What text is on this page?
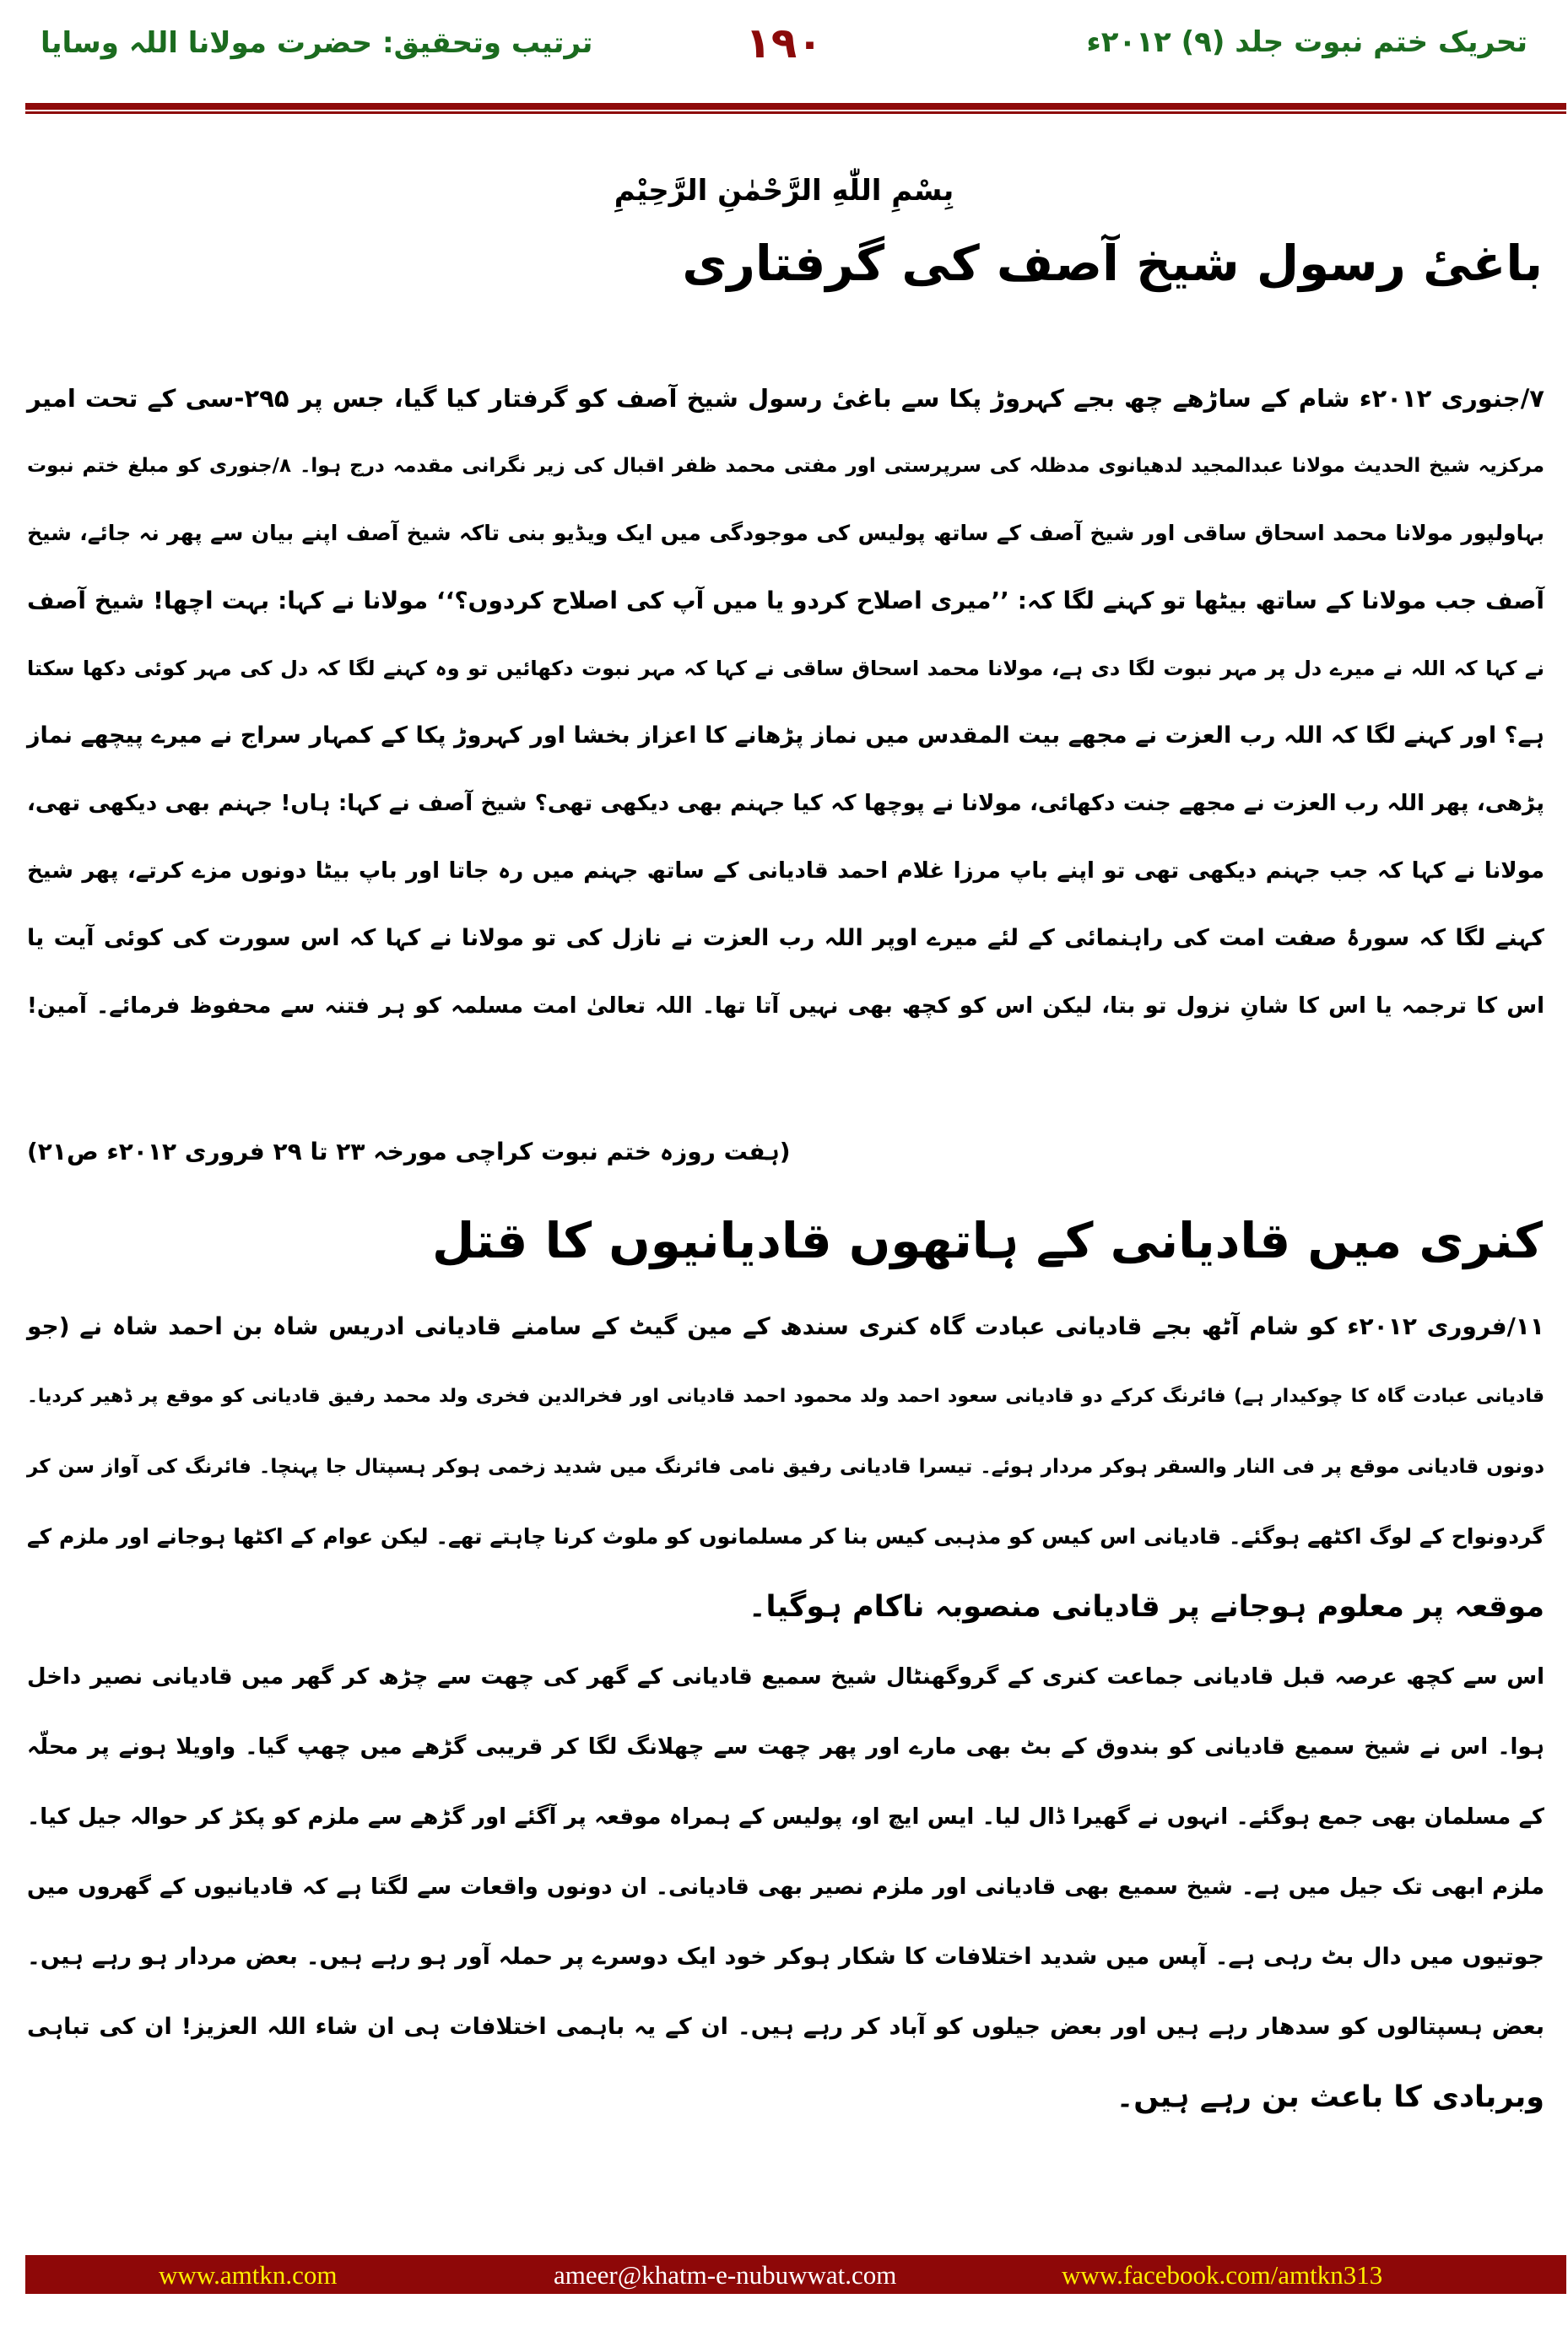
تحریک ختم نبوت جلد (۹) ۲۰۱۲ء
۱۹۰
ترتیب وتحقیق: حضرت مولانا اللہ وسایا
بِسْمِ اللّٰهِ الرَّحْمٰنِ الرَّحِيْمِ
باغیٔ رسول شیخ آصف کی گرفتاری
۷/جنوری ۲۰۱۲ء شام کے ساڑھے چھ بجے کہروڑ پکا سے باغیٔ رسول شیخ آصف کو گرفتار کیا گیا، جس پر ۲۹۵-سی کے تحت امیر
مرکزیہ شیخ الحدیث مولانا عبدالمجید لدھیانوی مدظلہ کی سرپرستی اور مفتی محمد ظفر اقبال کی زیر نگرانی مقدمہ درج ہوا۔ ۸/جنوری کو مبلغ ختم نبوت
بہاولپور مولانا محمد اسحاق ساقی اور شیخ آصف کے ساتھ پولیس کی موجودگی میں ایک ویڈیو بنی تاکہ شیخ آصف اپنے بیان سے پھر نہ جائے، شیخ
آصف جب مولانا کے ساتھ بیٹھا تو کہنے لگا کہ: ’’میری اصلاح کردو یا میں آپ کی اصلاح کردوں؟‘‘ مولانا نے کہا: بہت اچھا! شیخ آصف
نے کہا کہ اللہ نے میرے دل پر مہر نبوت لگا دی ہے، مولانا محمد اسحاق ساقی نے کہا کہ مہر نبوت دکھائیں تو وہ کہنے لگا کہ دل کی مہر کوئی دکھا سکتا
ہے؟ اور کہنے لگا کہ اللہ رب العزت نے مجھے بیت المقدس میں نماز پڑھانے کا اعزاز بخشا اور کہروڑ پکا کے کمہار سراج نے میرے پیچھے نماز
پڑھی، پھر اللہ رب العزت نے مجھے جنت دکھائی، مولانا نے پوچھا کہ کیا جہنم بھی دیکھی تھی؟ شیخ آصف نے کہا: ہاں! جہنم بھی دیکھی تھی،
مولانا نے کہا کہ جب جہنم دیکھی تھی تو اپنے باپ مرزا غلام احمد قادیانی کے ساتھ جہنم میں رہ جاتا اور باپ بیٹا دونوں مزے کرتے، پھر شیخ
کہنے لگا کہ سورۂ صفت امت کی راہنمائی کے لئے میرے اوپر اللہ رب العزت نے نازل کی تو مولانا نے کہا کہ اس سورت کی کوئی آیت یا
اس کا ترجمہ یا اس کا شانِ نزول تو بتا، لیکن اس کو کچھ بھی نہیں آتا تھا۔ اللہ تعالیٰ امت مسلمہ کو ہر فتنہ سے محفوظ فرمائے۔ آمین!
(ہفت روزہ ختم نبوت کراچی مورخہ ۲۳ تا ۲۹ فروری ۲۰۱۲ء ص۲۱)
کنری میں قادیانی کے ہاتھوں قادیانیوں کا قتل
۱۱/فروری ۲۰۱۲ء کو شام آٹھ بجے قادیانی عبادت گاہ کنری سندھ کے مین گیٹ کے سامنے قادیانی ادریس شاہ بن احمد شاہ نے (جو
قادیانی عبادت گاہ کا چوکیدار ہے) فائرنگ کرکے دو قادیانی سعود احمد ولد محمود احمد قادیانی اور فخرالدین فخری ولد محمد رفیق قادیانی کو موقع پر ڈھیر کردیا۔
دونوں قادیانی موقع پر فی النار والسقر ہوکر مردار ہوئے۔ تیسرا قادیانی رفیق نامی فائرنگ میں شدید زخمی ہوکر ہسپتال جا پہنچا۔ فائرنگ کی آواز سن کر
گردونواح کے لوگ اکٹھے ہوگئے۔ قادیانی اس کیس کو مذہبی کیس بنا کر مسلمانوں کو ملوث کرنا چاہتے تھے۔ لیکن عوام کے اکٹھا ہوجانے اور ملزم کے
موقعہ پر معلوم ہوجانے پر قادیانی منصوبہ ناکام ہوگیا۔
اس سے کچھ عرصہ قبل قادیانی جماعت کنری کے گروگھنٹال شیخ سمیع قادیانی کے گھر کی چھت سے چڑھ کر گھر میں قادیانی نصیر داخل
ہوا۔ اس نے شیخ سمیع قادیانی کو بندوق کے بٹ بھی مارے اور پھر چھت سے چھلانگ لگا کر قریبی گڑھے میں چھپ گیا۔ واویلا ہونے پر محلّہ
کے مسلمان بھی جمع ہوگئے۔ انہوں نے گھیرا ڈال لیا۔ ایس ایچ او، پولیس کے ہمراہ موقعہ پر آگئے اور گڑھے سے ملزم کو پکڑ کر حوالہ جیل کیا۔
ملزم ابھی تک جیل میں ہے۔ شیخ سمیع بھی قادیانی اور ملزم نصیر بھی قادیانی۔ ان دونوں واقعات سے لگتا ہے کہ قادیانیوں کے گھروں میں
جوتیوں میں دال بٹ رہی ہے۔ آپس میں شدید اختلافات کا شکار ہوکر خود ایک دوسرے پر حملہ آور ہو رہے ہیں۔ بعض مردار ہو رہے ہیں۔
بعض ہسپتالوں کو سدھار رہے ہیں اور بعض جیلوں کو آباد کر رہے ہیں۔ ان کے یہ باہمی اختلافات ہی ان شاء اللہ العزیز! ان کی تباہی
وبربادی کا باعث بن رہے ہیں۔
www.amtkn.com	ameer@khatm-e-nubuwwat.com	www.facebook.com/amtkn313
